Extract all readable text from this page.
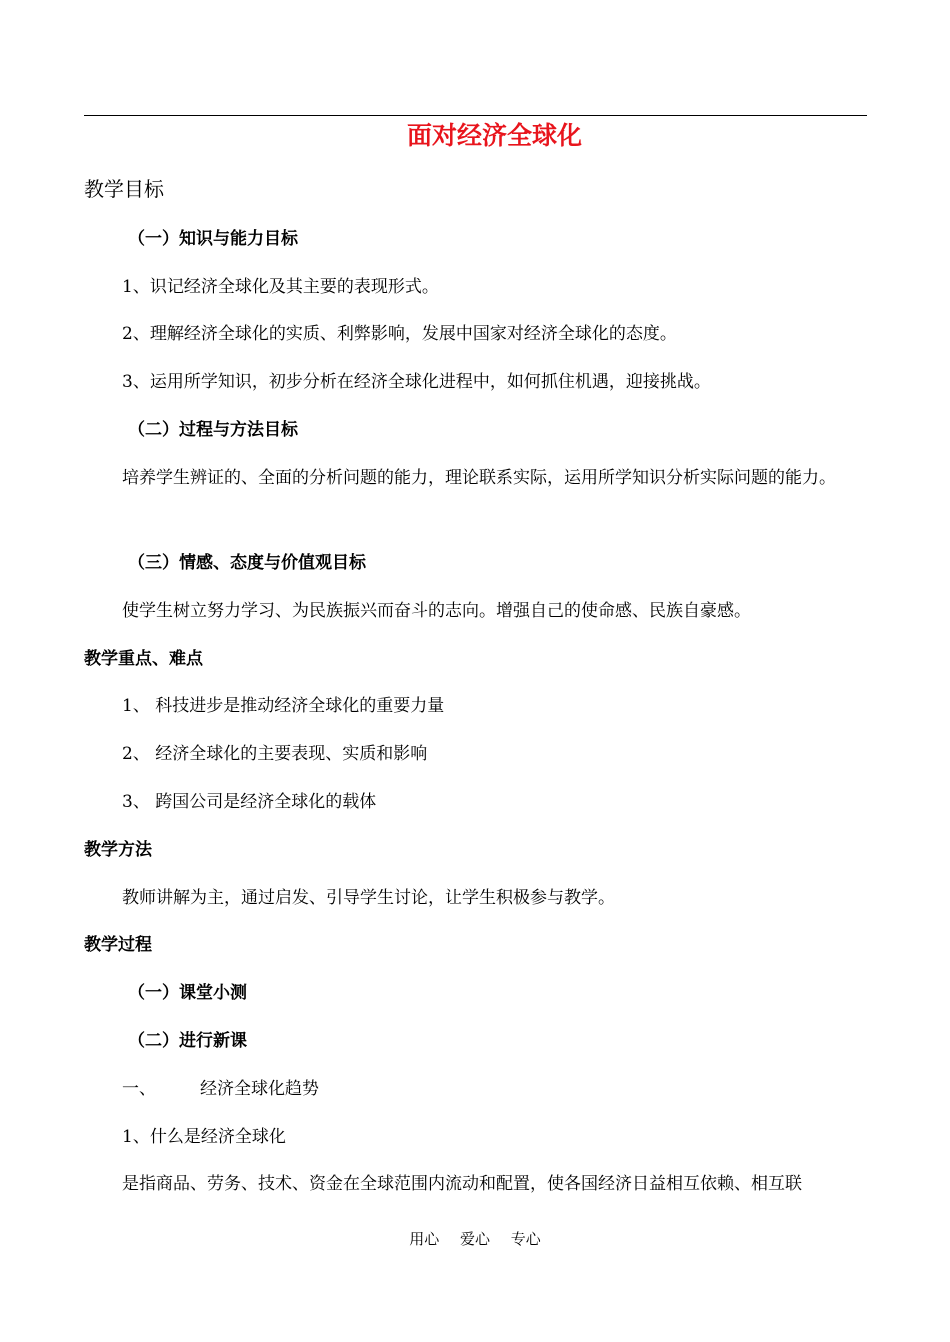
面对经济全球化
教学目标
（一）知识与能力目标
1、识记经济全球化及其主要的表现形式。
2、理解经济全球化的实质、利弊影响，发展中国家对经济全球化的态度。
3、运用所学知识，初步分析在经济全球化进程中，如何抓住机遇，迎接挑战。
（二）过程与方法目标
培养学生辨证的、全面的分析问题的能力，理论联系实际，运用所学知识分析实际问题的能力。
（三）情感、态度与价值观目标
使学生树立努力学习、为民族振兴而奋斗的志向。增强自己的使命感、民族自豪感。
教学重点、难点
1、 科技进步是推动经济全球化的重要力量
2、 经济全球化的主要表现、实质和影响
3、 跨国公司是经济全球化的载体
教学方法
教师讲解为主，通过启发、引导学生讨论，让学生积极参与教学。
教学过程
（一）课堂小测
（二）进行新课
一、	经济全球化趋势
1、什么是经济全球化
是指商品、劳务、技术、资金在全球范围内流动和配置，使各国经济日益相互依赖、相互联
用心 爱心 专心
